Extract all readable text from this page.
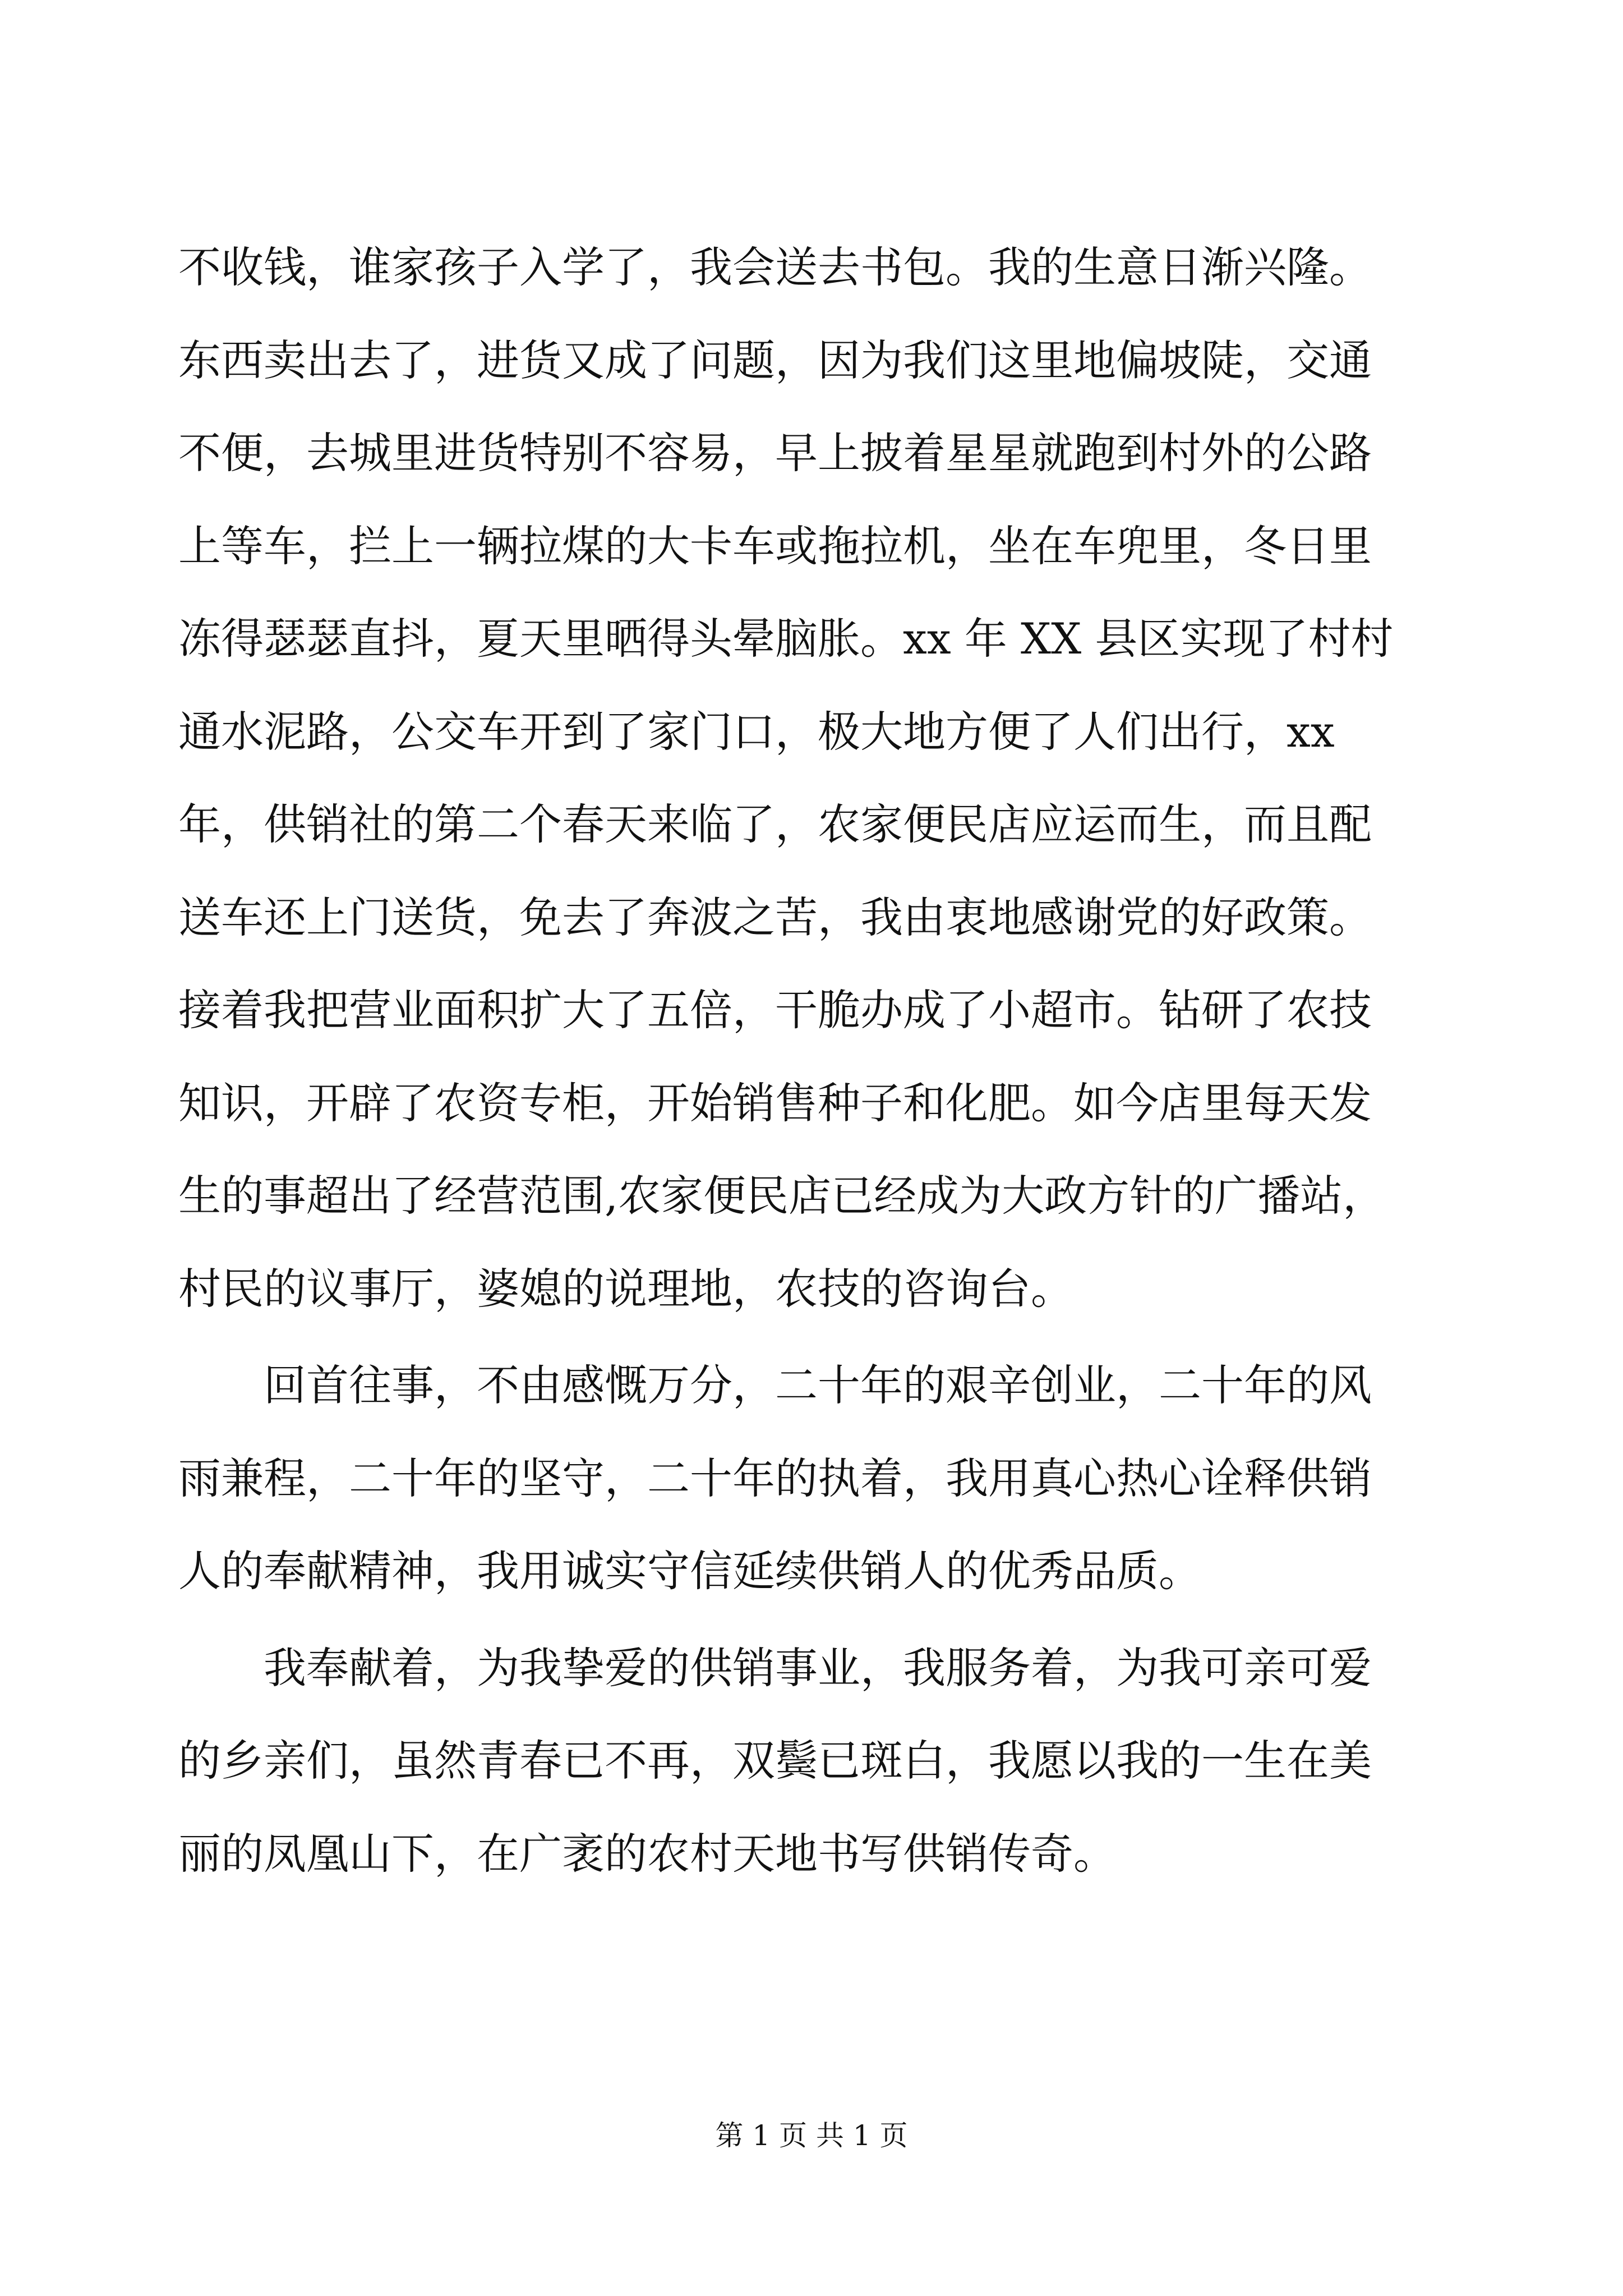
不收钱，谁家孩子入学了，我会送去书包。我的生意日渐兴隆。
东西卖出去了，进货又成了问题，因为我们这里地偏坡陡，交通
不便，去城里进货特别不容易，早上披着星星就跑到村外的公路
上等车，拦上一辆拉煤的大卡车或拖拉机，坐在车兜里，冬日里
冻得瑟瑟直抖，夏天里晒得头晕脑胀。xx 年 XX 县区实现了村村
通水泥路，公交车开到了家门口，极大地方便了人们出行，xx
年，供销社的第二个春天来临了，农家便民店应运而生，而且配
送车还上门送货，免去了奔波之苦，我由衷地感谢党的好政策。
接着我把营业面积扩大了五倍，干脆办成了小超市。钻研了农技
知识，开辟了农资专柜，开始销售种子和化肥。如今店里每天发
生的事超出了经营范围,农家便民店已经成为大政方针的广播站，
村民的议事厅，婆媳的说理地，农技的咨询台。
　　回首往事，不由感慨万分，二十年的艰辛创业，二十年的风
雨兼程，二十年的坚守，二十年的执着，我用真心热心诠释供销
人的奉献精神，我用诚实守信延续供销人的优秀品质。
　　我奉献着，为我挚爱的供销事业，我服务着，为我可亲可爱
的乡亲们，虽然青春已不再，双鬓已斑白，我愿以我的一生在美
丽的凤凰山下，在广袤的农村天地书写供销传奇。
第 1 页 共 1 页
